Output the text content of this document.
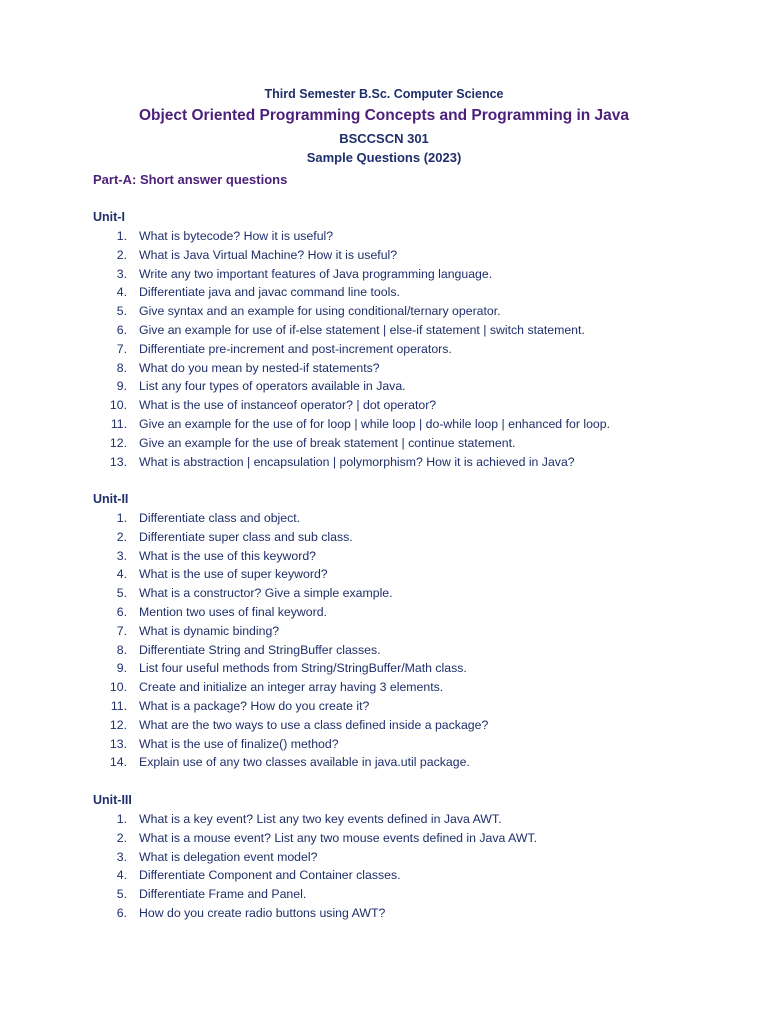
Third Semester B.Sc. Computer Science
Object Oriented Programming Concepts and Programming in Java
BSCCSCN 301
Sample Questions (2023)
Part-A: Short answer questions
Unit-I
1. What is bytecode? How it is useful?
2. What is Java Virtual Machine? How it is useful?
3. Write any two important features of Java programming language.
4. Differentiate java and javac command line tools.
5. Give syntax and an example for using conditional/ternary operator.
6. Give an example for use of if-else statement | else-if statement | switch statement.
7. Differentiate pre-increment and post-increment operators.
8. What do you mean by nested-if statements?
9. List any four types of operators available in Java.
10. What is the use of instanceof operator? | dot operator?
11. Give an example for the use of for loop | while loop | do-while loop | enhanced for loop.
12. Give an example for the use of break statement | continue statement.
13. What is abstraction | encapsulation | polymorphism? How it is achieved in Java?
Unit-II
1. Differentiate class and object.
2. Differentiate super class and sub class.
3. What is the use of this keyword?
4. What is the use of super keyword?
5. What is a constructor? Give a simple example.
6. Mention two uses of final keyword.
7. What is dynamic binding?
8. Differentiate String and StringBuffer classes.
9. List four useful methods from String/StringBuffer/Math class.
10. Create and initialize an integer array having 3 elements.
11. What is a package? How do you create it?
12. What are the two ways to use a class defined inside a package?
13. What is the use of finalize() method?
14. Explain use of any two classes available in java.util package.
Unit-III
1. What is a key event? List any two key events defined in Java AWT.
2. What is a mouse event? List any two mouse events defined in Java AWT.
3. What is delegation event model?
4. Differentiate Component and Container classes.
5. Differentiate Frame and Panel.
6. How do you create radio buttons using AWT?
